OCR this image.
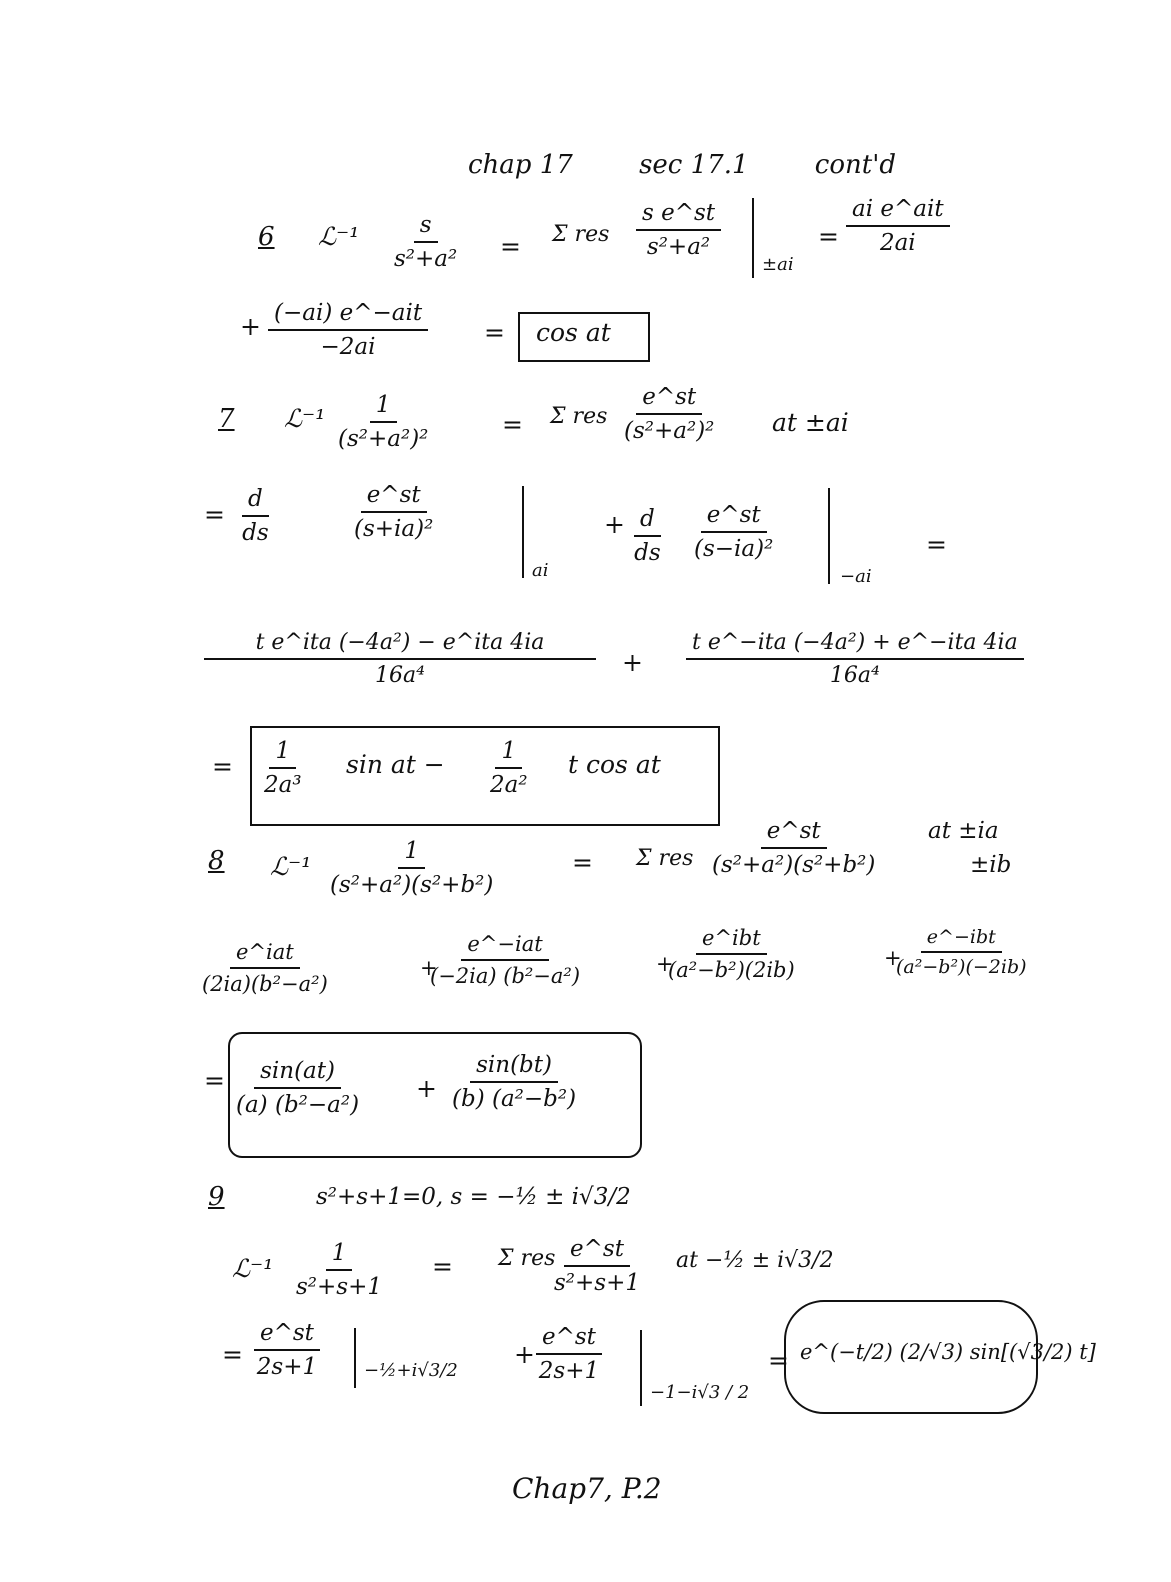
chap 17	sec 17.1	cont'd
6 ℒ⁻¹ $\frac{s}{\text{s²+a²}} = \Sigma$ res $\frac{\text{s e\textasciicircum{}st}}{\text{s²+a²}}$
±ai
=
ai e^ait
2ai
+ (−ai) e^−ait
−2ai	= cos at
7 ℒ⁻¹ $\frac{1}{\text{(s²+a²)²}}$	= Σ res $\frac{e\^{}st}{\text{(s²+a²)²}}$ at ±ai
= $\frac{d}{ds}$	$\frac{e\^{}st}{\text{(s+ia)²}}$
ai
+ $\frac{d}{ds} \frac{e\^{}st}{\text{(s−ia)²}}$
−ai
=
t e^ita (−4a²) − e^ita 4ia
16a⁴	+
t e^−ita (−4a²) + e^−ita 4ia
16a⁴
= $\frac{1}{\text{2a³}}$ sin at − $\frac{1}{\text{2a²}}$ t cos at
8 ℒ⁻¹ $\frac{1}{\text{(s²+a²)(s²+b²)}}$	= Σ res $\frac{e\^{}st}{\text{(s²+a²)(s²+b²)}}$ at ±ia
±ib
e^iat
(2ia)(b²−a²)
+
e^−iat
(−2ia) (b²−a²)	+
e^ibt
(a²−b²)(2ib)	+
e^−ibt
(a²−b²)(−2ib)
= $\frac{\sin(at)}{\text{(a) (b²−a²)}} + \frac{\sin(bt)}{\text{(b) (a²−b²)}}$
9	s²+s+1=0, s = −½ ± i√3/2
ℒ⁻¹ $\frac{1}{\text{s²+s+1}} = \Sigma$ res
$\frac{e\^{}st}{\text{s²+s+1}}$ at −½ ± i√3/2
= $\frac{e\^{}st}{2s+1}$ −½+i√3/2
+ $\frac{e\^{}st}{2s+1}$
−1−i√3 / 2
= e^(−t/2) (2/√3) sin[(√3/2) t]
Chap7, P.2
